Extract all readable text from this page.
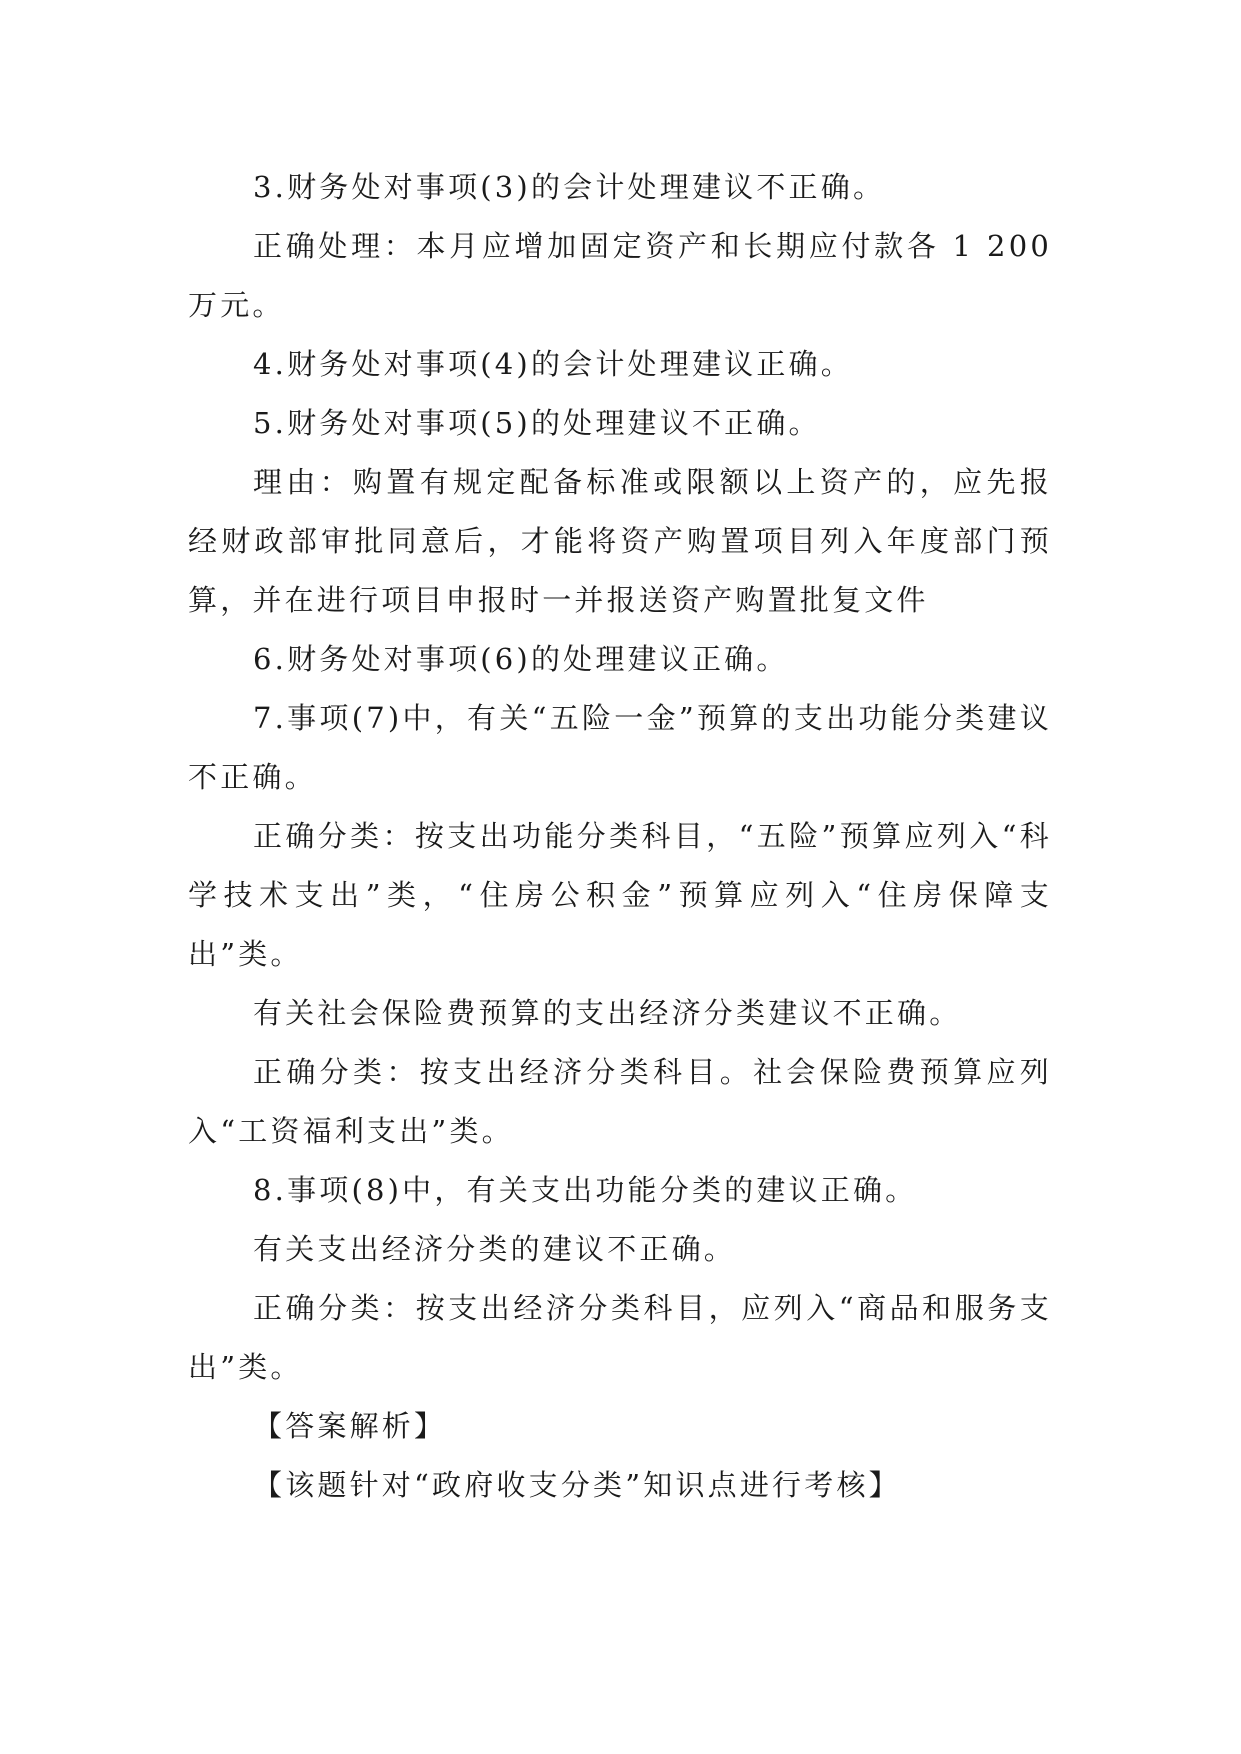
3.财务处对事项(3)的会计处理建议不正确。

正确处理：本月应增加固定资产和长期应付款各 1 200 万元。

4.财务处对事项(4)的会计处理建议正确。

5.财务处对事项(5)的处理建议不正确。

理由：购置有规定配备标准或限额以上资产的，应先报经财政部审批同意后，才能将资产购置项目列入年度部门预算，并在进行项目申报时一并报送资产购置批复文件

6.财务处对事项(6)的处理建议正确。

7.事项(7)中，有关“五险一金”预算的支出功能分类建议不正确。

正确分类：按支出功能分类科目，“五险”预算应列入“科学技术支出”类，“住房公积金”预算应列入“住房保障支出”类。

有关社会保险费预算的支出经济分类建议不正确。

正确分类：按支出经济分类科目。社会保险费预算应列入“工资福利支出”类。

8.事项(8)中，有关支出功能分类的建议正确。

有关支出经济分类的建议不正确。

正确分类：按支出经济分类科目，应列入“商品和服务支出”类。

【答案解析】

【该题针对“政府收支分类”知识点进行考核】
